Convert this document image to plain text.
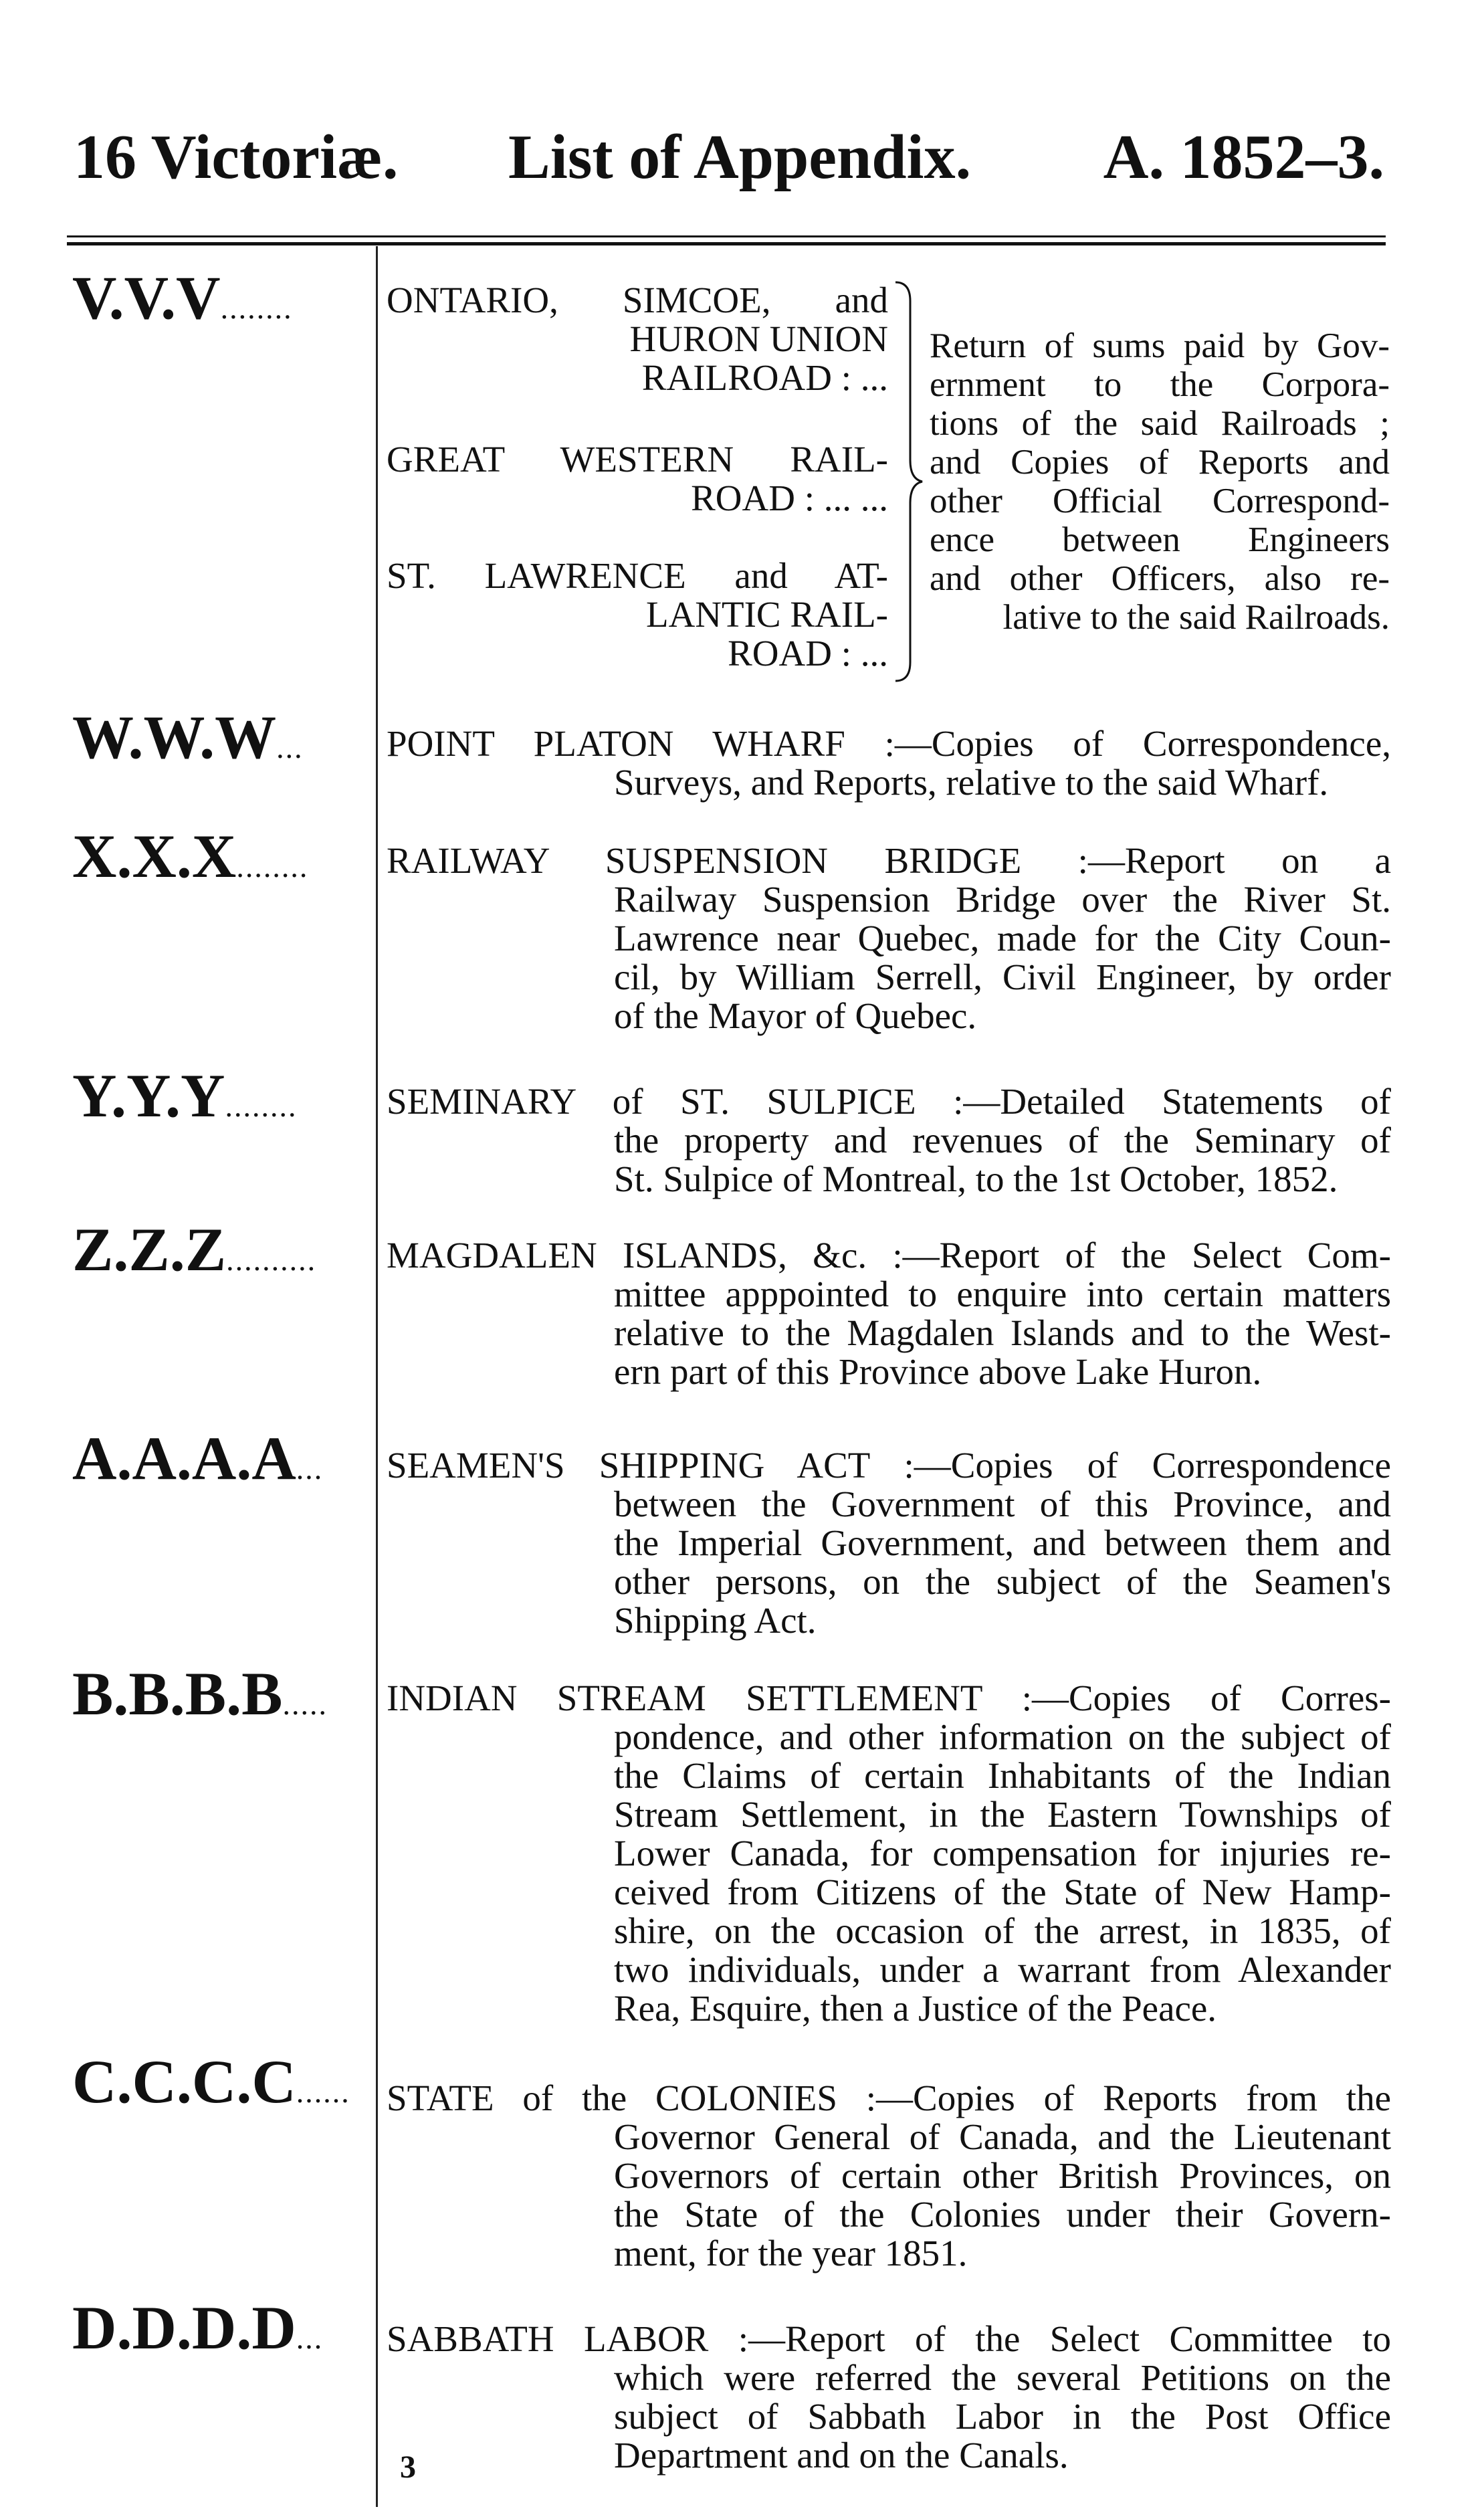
16 Victoriæ. List of Appendix. A. 1852–3.
V.V.V........	ONTARIO, SIMCOE, and
HURON UNION
RAILROAD : ...
GREAT WESTERN RAIL-
ROAD : ... ...
ST. LAWRENCE and AT-
LANTIC RAIL-
ROAD : ...
Return of sums paid by Gov-
ernment to the Corpora-
tions of the said Railroads ;
and Copies of Reports and
other Official Correspond-
ence between Engineers
and other Officers, also re-
lative to the said Railroads.
W.W.W...	POINT PLATON WHARF :—Copies of Correspondence,
Surveys, and Reports, relative to the said Wharf.
X.X.X........	RAILWAY SUSPENSION BRIDGE :—Report on a
Railway Suspension Bridge over the River St.
Lawrence near Quebec, made for the City Coun-
cil, by William Serrell, Civil Engineer, by order
of the Mayor of Quebec.
Y.Y.Y........	SEMINARY of ST. SULPICE :—Detailed Statements of
the property and revenues of the Seminary of
St. Sulpice of Montreal, to the 1st October, 1852.
Z.Z.Z..........	MAGDALEN ISLANDS, &c. :—Report of the Select Com-
mittee apppointed to enquire into certain matters
relative to the Magdalen Islands and to the West-
ern part of this Province above Lake Huron.
A.A.A.A...	SEAMEN'S SHIPPING ACT :—Copies of Correspondence
between the Government of this Province, and
the Imperial Government, and between them and
other persons, on the subject of the Seamen's
Shipping Act.
B.B.B.B.....	INDIAN STREAM SETTLEMENT :—Copies of Corres-
pondence, and other information on the subject of
the Claims of certain Inhabitants of the Indian
Stream Settlement, in the Eastern Townships of
Lower Canada, for compensation for injuries re-
ceived from Citizens of the State of New Hamp-
shire, on the occasion of the arrest, in 1835, of
two individuals, under a warrant from Alexander
Rea, Esquire, then a Justice of the Peace.
C.C.C.C...... STATE of the COLONIES :—Copies of Reports from the
Governor General of Canada, and the Lieutenant
Governors of certain other British Provinces, on
the State of the Colonies under their Govern-
ment, for the year 1851.
D.D.D.D...	SABBATH LABOR :—Report of the Select Committee to
which were referred the several Petitions on the
subject of Sabbath Labor in the Post Office
Department and on the Canals.
3
